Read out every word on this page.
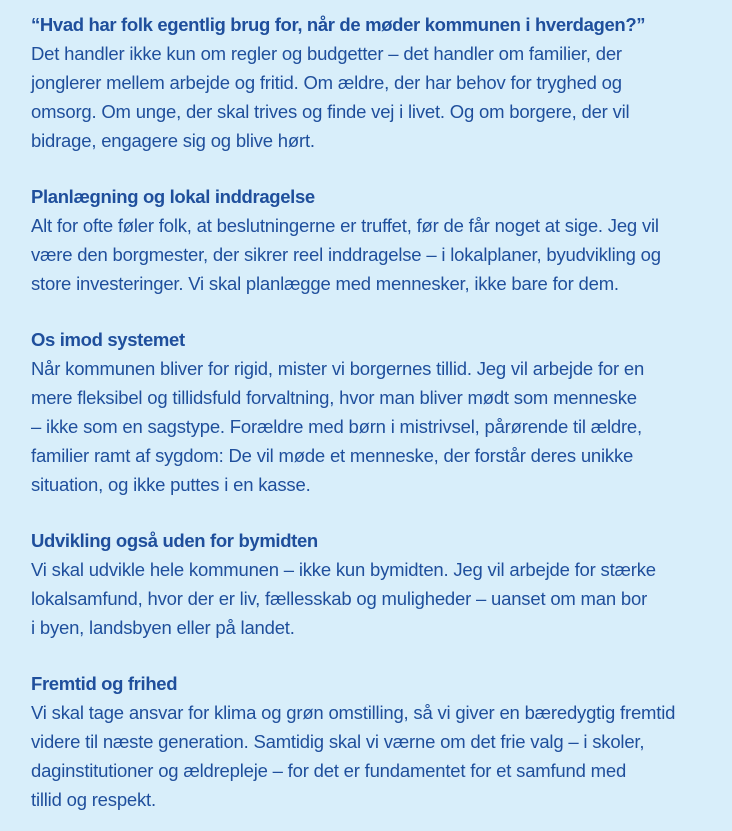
“Hvad har folk egentlig brug for, når de møder kommunen i hverdagen?”

Det handler ikke kun om regler og budgetter – det handler om familier, der
jonglerer mellem arbejde og fritid. Om ældre, der har behov for tryghed og
omsorg. Om unge, der skal trives og finde vej i livet. Og om borgere, der vil
bidrage, engagere sig og blive hørt.

Planlægning og lokal inddragelse

Alt for ofte føler folk, at beslutningerne er truffet, før de får noget at sige. Jeg vil
være den borgmester, der sikrer reel inddragelse – i lokalplaner, byudvikling og
store investeringer. Vi skal planlægge med mennesker, ikke bare for dem.

Os imod systemet

Når kommunen bliver for rigid, mister vi borgernes tillid. Jeg vil arbejde for en
mere fleksibel og tillidsfuld forvaltning, hvor man bliver mødt som menneske
– ikke som en sagstype. Forældre med børn i mistrivsel, pårørende til ældre,
familier ramt af sygdom: De vil møde et menneske, der forstår deres unikke
situation, og ikke puttes i en kasse.

Udvikling også uden for bymidten

Vi skal udvikle hele kommunen – ikke kun bymidten. Jeg vil arbejde for stærke
lokalsamfund, hvor der er liv, fællesskab og muligheder – uanset om man bor
i byen, landsbyen eller på landet.

Fremtid og frihed

Vi skal tage ansvar for klima og grøn omstilling, så vi giver en bæredygtig fremtid
videre til næste generation. Samtidig skal vi værne om det frie valg – i skoler,
daginstitutioner og ældrepleje – for det er fundamentet for et samfund med
tillid og respekt.
